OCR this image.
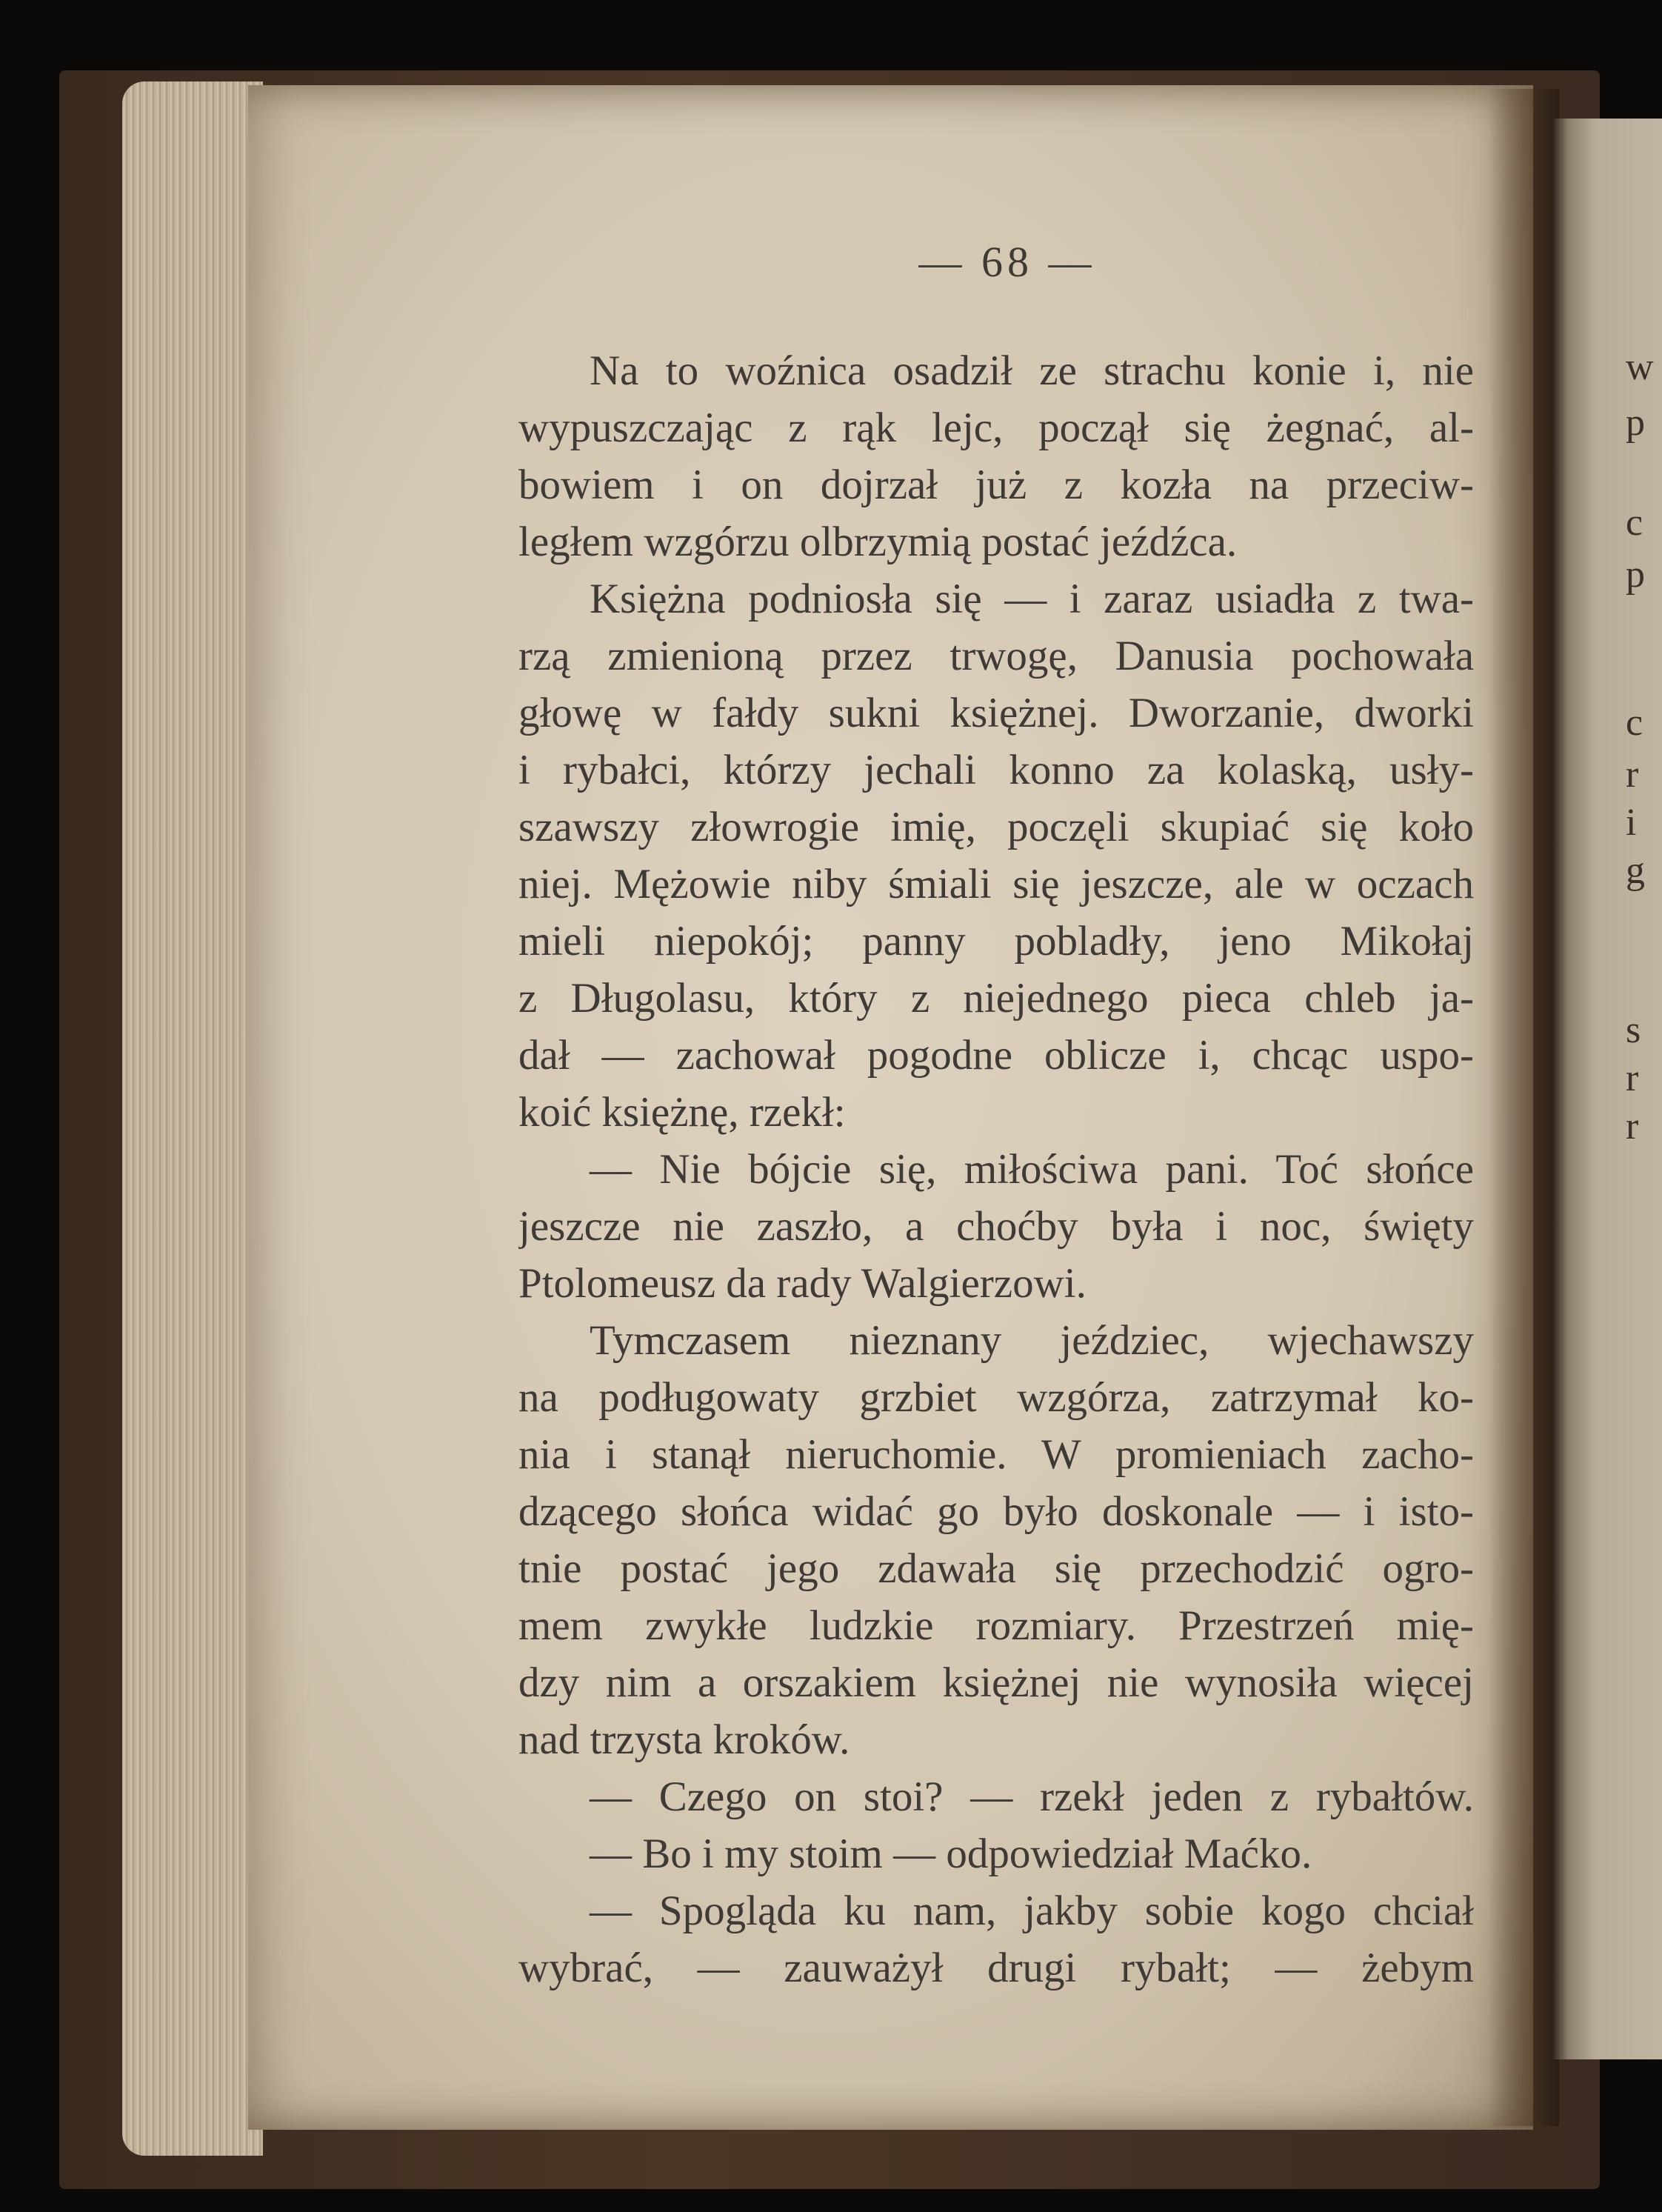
— 68 —
Na to woźnica osadził ze strachu konie i, nie
wypuszczając z rąk lejc, począł się żegnać, al-
bowiem i on dojrzał już z kozła na przeciw-
ległem wzgórzu olbrzymią postać jeźdźca.
Księżna podniosła się — i zaraz usiadła z twa-
rzą zmienioną przez trwogę, Danusia pochowała
głowę w fałdy sukni księżnej. Dworzanie, dworki
i rybałci, którzy jechali konno za kolaską, usły-
szawszy złowrogie imię, poczęli skupiać się koło
niej. Mężowie niby śmiali się jeszcze, ale w oczach
mieli niepokój; panny pobladły, jeno Mikołaj
z Długolasu, który z niejednego pieca chleb ja-
dał — zachował pogodne oblicze i, chcąc uspo-
koić księżnę, rzekł:
— Nie bójcie się, miłościwa pani. Toć słońce
jeszcze nie zaszło, a choćby była i noc, święty
Ptolomeusz da rady Walgierzowi.
Tymczasem nieznany jeździec, wjechawszy
na podługowaty grzbiet wzgórza, zatrzymał ko-
nia i stanął nieruchomie. W promieniach zacho-
dzącego słońca widać go było doskonale — i isto-
tnie postać jego zdawała się przechodzić ogro-
mem zwykłe ludzkie rozmiary. Przestrzeń mię-
dzy nim a orszakiem księżnej nie wynosiła więcej
nad trzysta kroków.
— Czego on stoi? — rzekł jeden z rybałtów.
— Bo i my stoim — odpowiedział Maćko.
— Spogląda ku nam, jakby sobie kogo chciał
wybrać, — zauważył drugi rybałt; — żebym
w
p
c
p
c
r
i
g
s
r
r
